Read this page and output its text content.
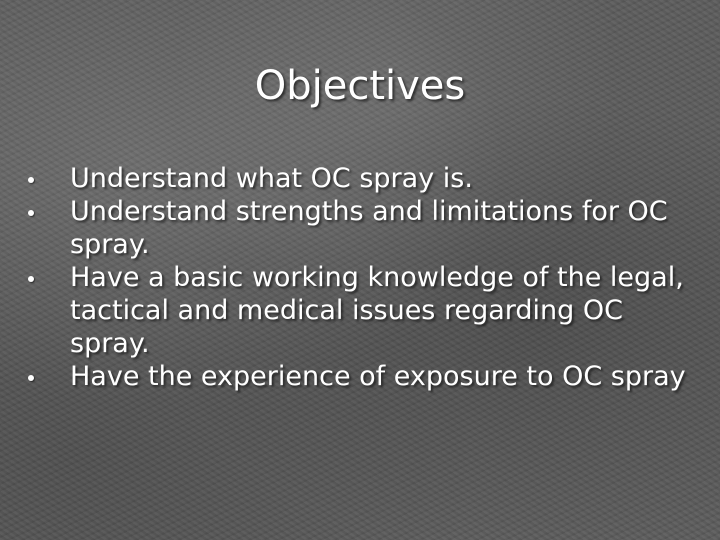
Objectives
Understand what OC spray is.
Understand strengths and limitations for OC spray.
Have a basic working knowledge of the legal, tactical and medical issues regarding OC spray.
Have the experience of exposure to OC spray
